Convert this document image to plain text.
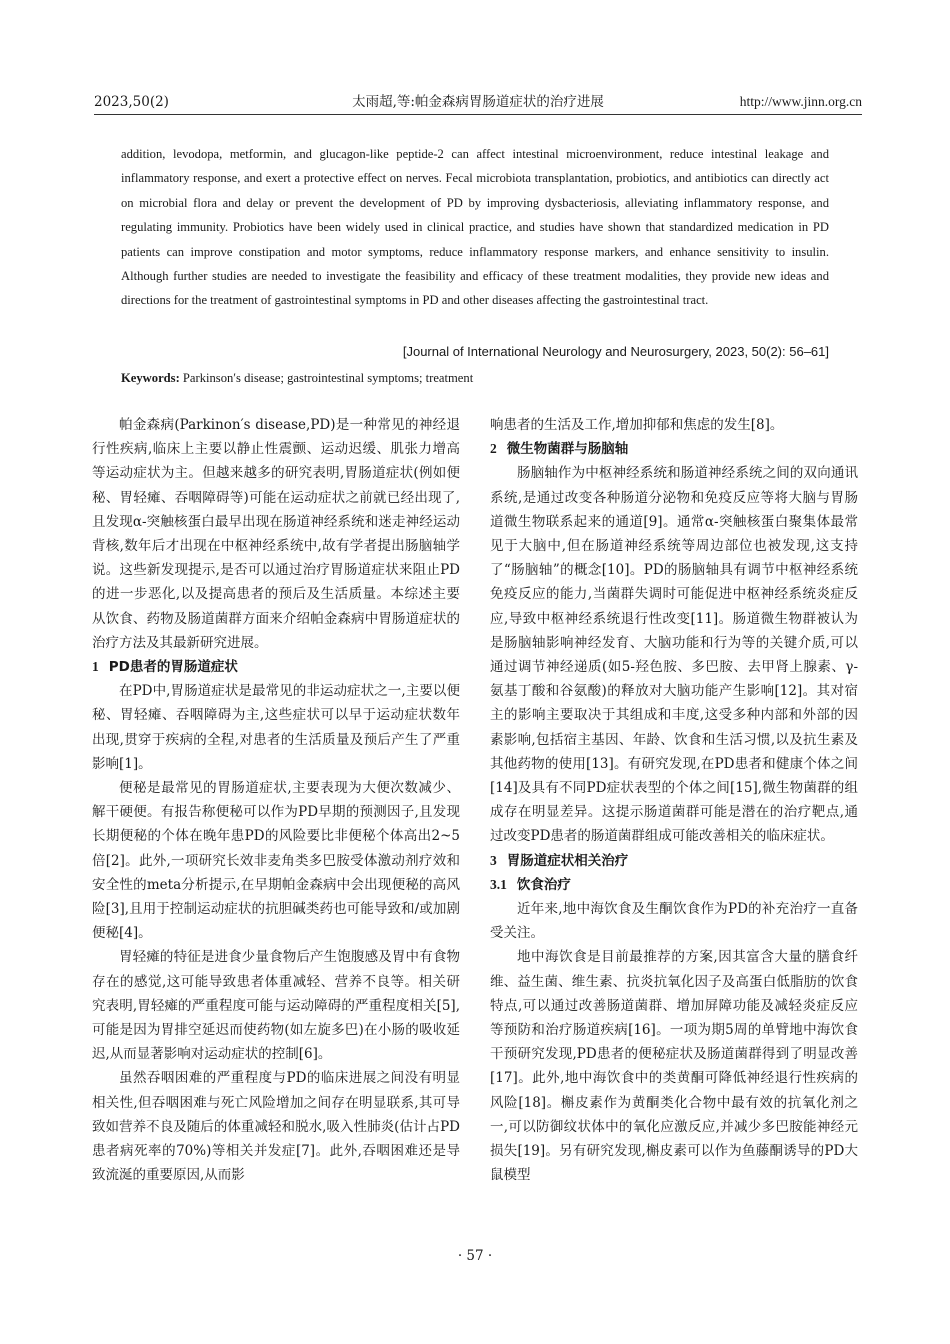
2023,50(2)	太雨超,等:帕金森病胃肠道症状的治疗进展	http://www.jinn.org.cn
addition, levodopa, metformin, and glucagon-like peptide-2 can affect intestinal microenvironment, reduce intestinal leakage and inflammatory response, and exert a protective effect on nerves. Fecal microbiota transplantation, probiotics, and antibiotics can directly act on microbial flora and delay or prevent the development of PD by improving dysbacteriosis, alleviating inflammatory response, and regulating immunity. Probiotics have been widely used in clinical practice, and studies have shown that standardized medication in PD patients can improve constipation and motor symptoms, reduce inflammatory response markers, and enhance sensitivity to insulin. Although further studies are needed to investigate the feasibility and efficacy of these treatment modalities, they provide new ideas and directions for the treatment of gastrointestinal symptoms in PD and other diseases affecting the gastrointestinal tract.
[Journal of International Neurology and Neurosurgery, 2023, 50(2): 56–61]
Keywords: Parkinson′s disease; gastrointestinal symptoms; treatment

帕金森病(Parkinon′s disease,PD)是一种常见的神经退行性疾病,临床上主要以静止性震颤、运动迟缓、肌张力增高等运动症状为主。但越来越多的研究表明,胃肠道症状(例如便秘、胃轻瘫、吞咽障碍等)可能在运动症状之前就已经出现了,且发现α-突触核蛋白最早出现在肠道神经系统和迷走神经运动背核,数年后才出现在中枢神经系统中,故有学者提出肠脑轴学说。这些新发现提示,是否可以通过治疗胃肠道症状来阻止PD的进一步恶化,以及提高患者的预后及生活质量。本综述主要从饮食、药物及肠道菌群方面来介绍帕金森病中胃肠道症状的治疗方法及其最新研究进展。

1 PD患者的胃肠道症状

在PD中,胃肠道症状是最常见的非运动症状之一,主要以便秘、胃轻瘫、吞咽障碍为主,这些症状可以早于运动症状数年出现,贯穿于疾病的全程,对患者的生活质量及预后产生了严重影响[1]。

便秘是最常见的胃肠道症状,主要表现为大便次数减少、解干硬便。有报告称便秘可以作为PD早期的预测因子,且发现长期便秘的个体在晚年患PD的风险要比非便秘个体高出2~5倍[2]。此外,一项研究长效非麦角类多巴胺受体激动剂疗效和安全性的meta分析提示,在早期帕金森病中会出现便秘的高风险[3],且用于控制运动症状的抗胆碱类药也可能导致和/或加剧便秘[4]。

胃轻瘫的特征是进食少量食物后产生饱腹感及胃中有食物存在的感觉,这可能导致患者体重减轻、营养不良等。相关研究表明,胃轻瘫的严重程度可能与运动障碍的严重程度相关[5],可能是因为胃排空延迟而使药物(如左旋多巴)在小肠的吸收延迟,从而显著影响对运动症状的控制[6]。

虽然吞咽困难的严重程度与PD的临床进展之间没有明显相关性,但吞咽困难与死亡风险增加之间存在明显联系,其可导致如营养不良及随后的体重减轻和脱水,吸入性肺炎(估计占PD患者病死率的70%)等相关并发症[7]。此外,吞咽困难还是导致流涎的重要原因,从而影

响患者的生活及工作,增加抑郁和焦虑的发生[8]。

2 微生物菌群与肠脑轴

肠脑轴作为中枢神经系统和肠道神经系统之间的双向通讯系统,是通过改变各种肠道分泌物和免疫反应等将大脑与胃肠道微生物联系起来的通道[9]。通常α-突触核蛋白聚集体最常见于大脑中,但在肠道神经系统等周边部位也被发现,这支持了“肠脑轴”的概念[10]。PD的肠脑轴具有调节中枢神经系统免疫反应的能力,当菌群失调时可能促进中枢神经系统炎症反应,导致中枢神经系统退行性改变[11]。肠道微生物群被认为是肠脑轴影响神经发育、大脑功能和行为等的关键介质,可以通过调节神经递质(如5-羟色胺、多巴胺、去甲肾上腺素、γ-氨基丁酸和谷氨酸)的释放对大脑功能产生影响[12]。其对宿主的影响主要取决于其组成和丰度,这受多种内部和外部的因素影响,包括宿主基因、年龄、饮食和生活习惯,以及抗生素及其他药物的使用[13]。有研究发现,在PD患者和健康个体之间[14]及具有不同PD症状表型的个体之间[15],微生物菌群的组成存在明显差异。这提示肠道菌群可能是潜在的治疗靶点,通过改变PD患者的肠道菌群组成可能改善相关的临床症状。

3 胃肠道症状相关治疗
3.1 饮食治疗

近年来,地中海饮食及生酮饮食作为PD的补充治疗一直备受关注。

地中海饮食是目前最推荐的方案,因其富含大量的膳食纤维、益生菌、维生素、抗炎抗氧化因子及高蛋白低脂肪的饮食特点,可以通过改善肠道菌群、增加屏障功能及减轻炎症反应等预防和治疗肠道疾病[16]。一项为期5周的单臂地中海饮食干预研究发现,PD患者的便秘症状及肠道菌群得到了明显改善[17]。此外,地中海饮食中的类黄酮可降低神经退行性疾病的风险[18]。槲皮素作为黄酮类化合物中最有效的抗氧化剂之一,可以防御纹状体中的氧化应激反应,并减少多巴胺能神经元损失[19]。另有研究发现,槲皮素可以作为鱼藤酮诱导的PD大鼠模型

· 57 ·
